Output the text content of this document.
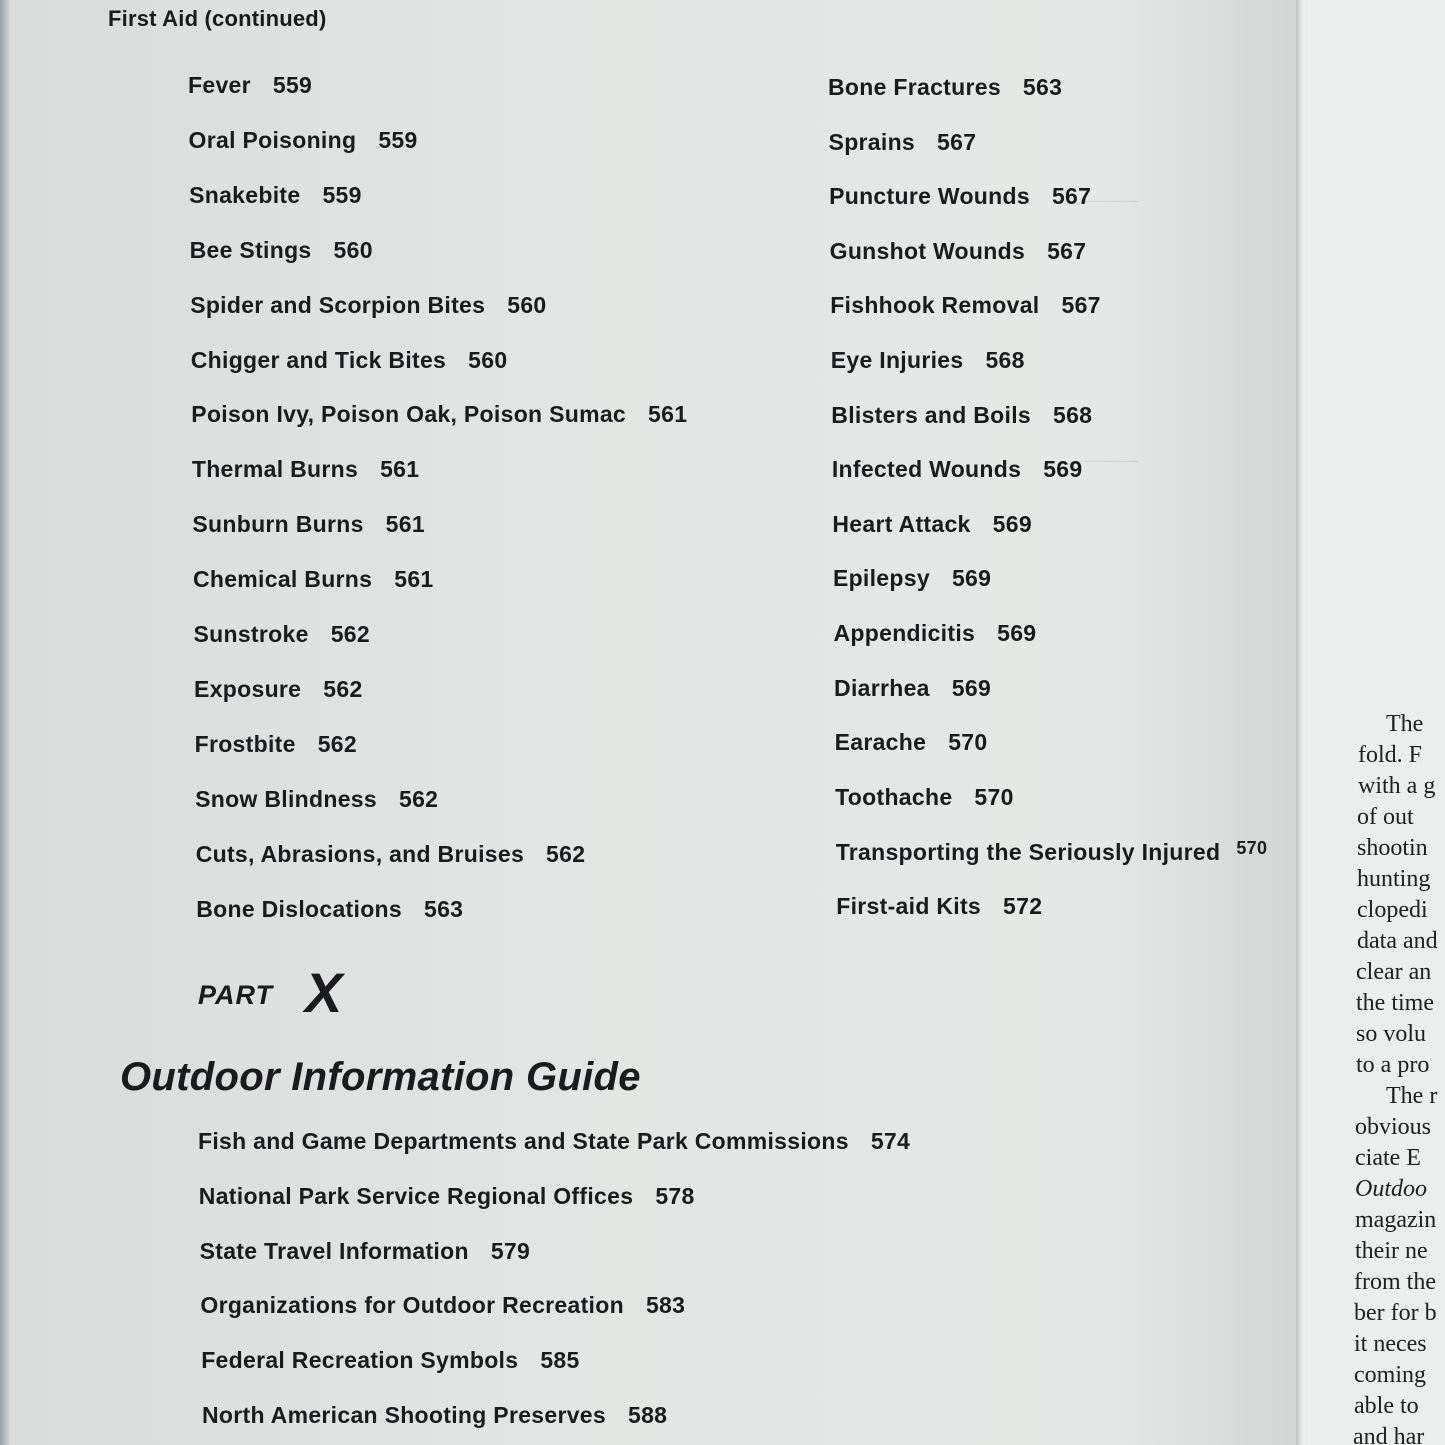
———
———
First Aid (continued)
Fever 559
Oral Poisoning 559
Snakebite 559
Bee Stings 560
Spider and Scorpion Bites 560
Chigger and Tick Bites 560
Poison Ivy, Poison Oak, Poison Sumac 561
Thermal Burns 561
Sunburn Burns 561
Chemical Burns 561
Sunstroke 562
Exposure 562
Frostbite 562
Snow Blindness 562
Cuts, Abrasions, and Bruises 562
Bone Dislocations 563
Bone Fractures 563
Sprains 567
Puncture Wounds 567
Gunshot Wounds 567
Fishhook Removal 567
Eye Injuries 568
Blisters and Boils 568
Infected Wounds 569
Heart Attack 569
Epilepsy 569
Appendicitis 569
Diarrhea 569
Earache 570
Toothache 570
Transporting the Seriously Injured $^{570}$
First-aid Kits 572
PART X
Outdoor Information Guide
Fish and Game Departments and State Park Commissions 574
National Park Service Regional Offices 578
State Travel Information 579
Organizations for Outdoor Recreation 583
Federal Recreation Symbols 585
North American Shooting Preserves 588
The
fold. F
with a g
of out
shootin
hunting
clopedi
data and
clear an
the time
so volu
to a pro
The r
obvious
ciate E
Outdoo
magazin
their ne
from the
ber for b
it neces
coming
able to
and har
